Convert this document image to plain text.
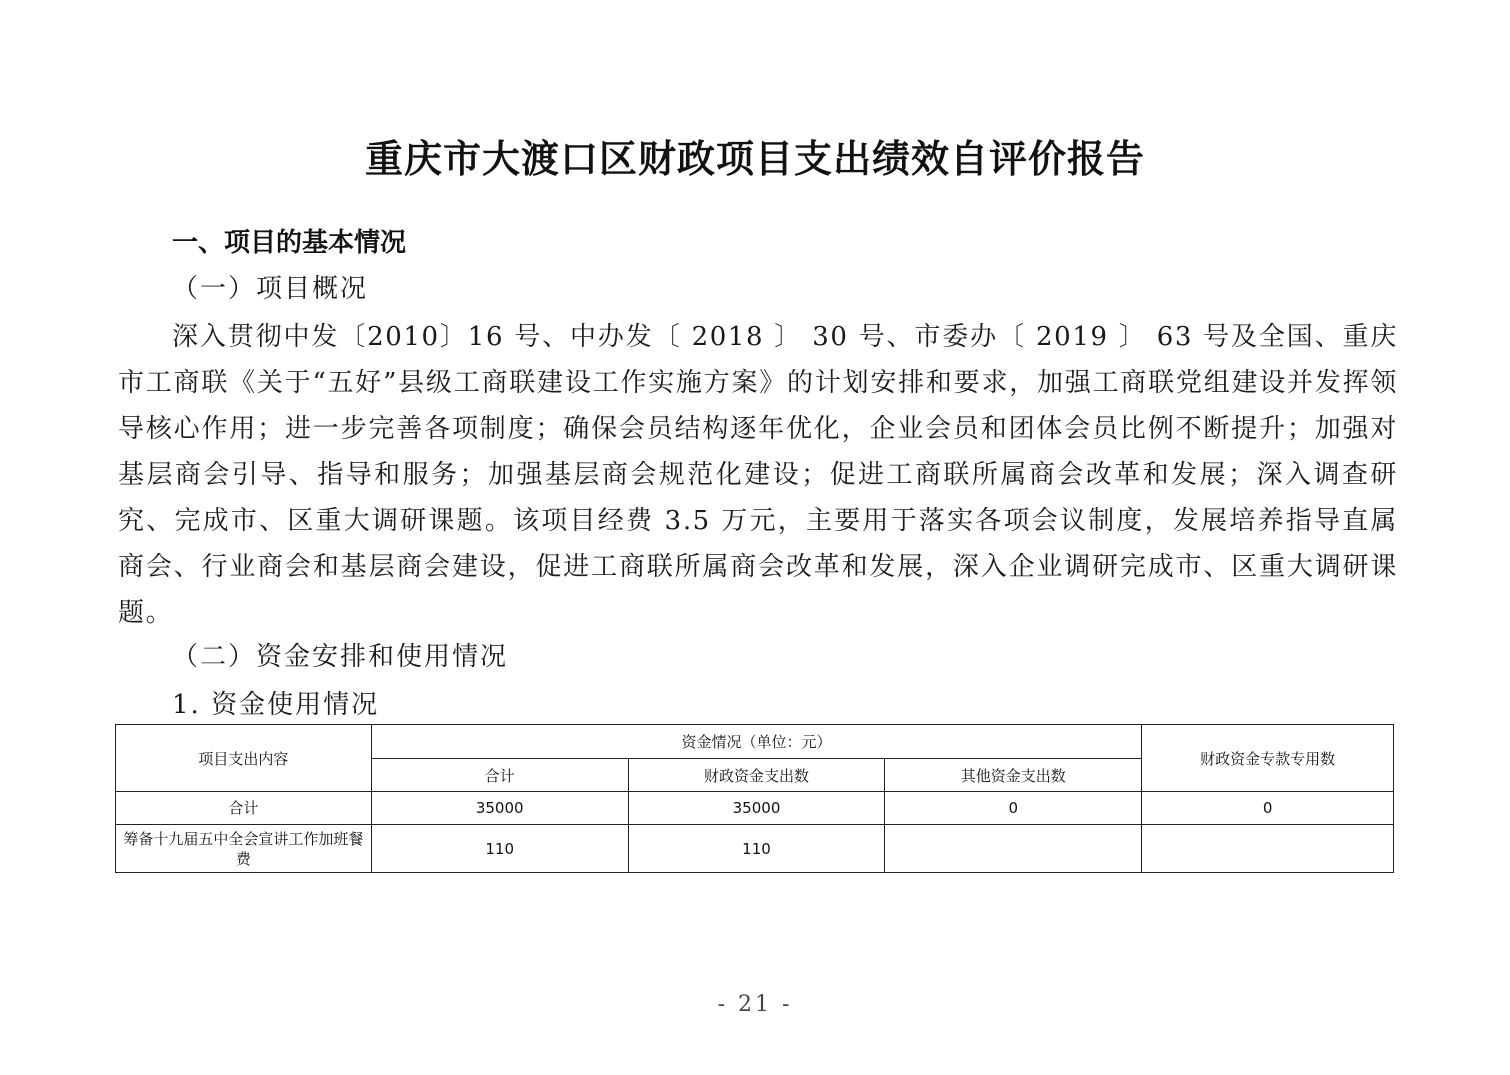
重庆市大渡口区财政项目支出绩效自评价报告
一、项目的基本情况
（一）项目概况
深入贯彻中发〔2010〕16 号、中办发〔 2018 〕 30 号、市委办〔 2019 〕 63 号及全国、重庆市工商联《关于“五好”县级工商联建设工作实施方案》的计划安排和要求，加强工商联党组建设并发挥领导核心作用；进一步完善各项制度；确保会员结构逐年优化，企业会员和团体会员比例不断提升；加强对基层商会引导、指导和服务；加强基层商会规范化建设；促进工商联所属商会改革和发展；深入调查研究、完成市、区重大调研课题。该项目经费 3.5 万元，主要用于落实各项会议制度，发展培养指导直属商会、行业商会和基层商会建设，促进工商联所属商会改革和发展，深入企业调研完成市、区重大调研课题。
（二）资金安排和使用情况
1. 资金使用情况
项目支出内容	资金情况（单位：元）			财政资金专款专用数
	合计	财政资金支出数	其他资金支出数	
合计	35000	35000	0	0
筹备十九届五中全会宣讲工作加班餐费	110	110		
- 21 -
